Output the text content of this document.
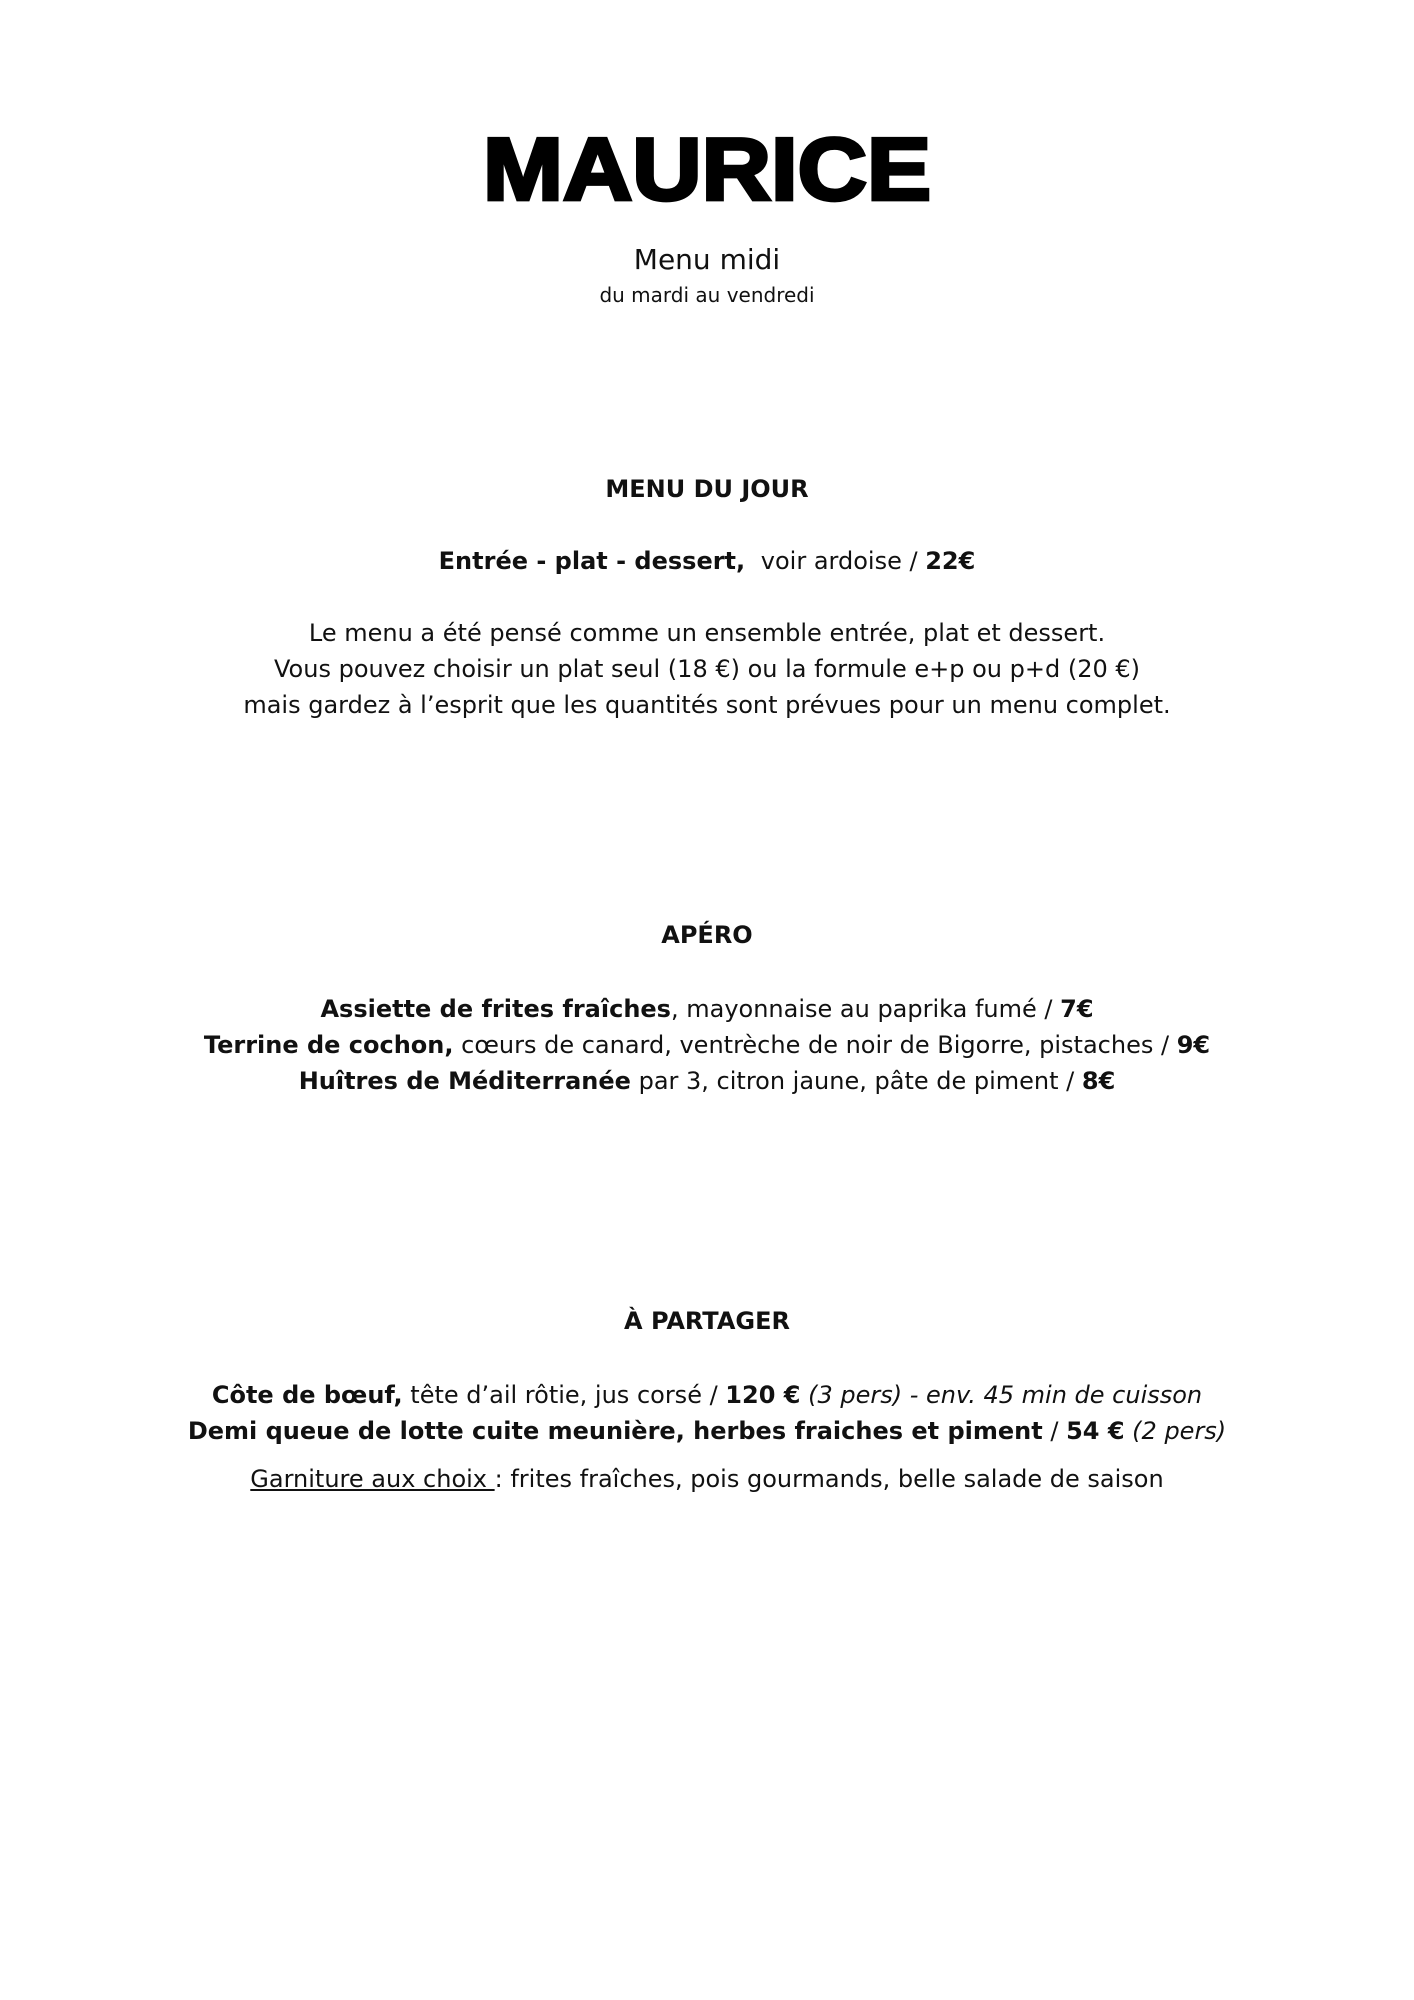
MAURICE
Menu midi
du mardi au vendredi
MENU DU JOUR
Entrée - plat - dessert, voir ardoise / 22€
Le menu a été pensé comme un ensemble entrée, plat et dessert.
Vous pouvez choisir un plat seul (18 €) ou la formule e+p ou p+d (20 €)
mais gardez à l’esprit que les quantités sont prévues pour un menu complet.
APÉRO
Assiette de frites fraîches, mayonnaise au paprika fumé / 7€
Terrine de cochon, cœurs de canard, ventrèche de noir de Bigorre, pistaches / 9€
Huîtres de Méditerranée par 3, citron jaune, pâte de piment / 8€
À PARTAGER
Côte de bœuf, tête d’ail rôtie, jus corsé / 120 € (3 pers) - env. 45 min de cuisson
Demi queue de lotte cuite meunière, herbes fraiches et piment / 54 € (2 pers)
Garniture aux choix : frites fraîches, pois gourmands, belle salade de saison
